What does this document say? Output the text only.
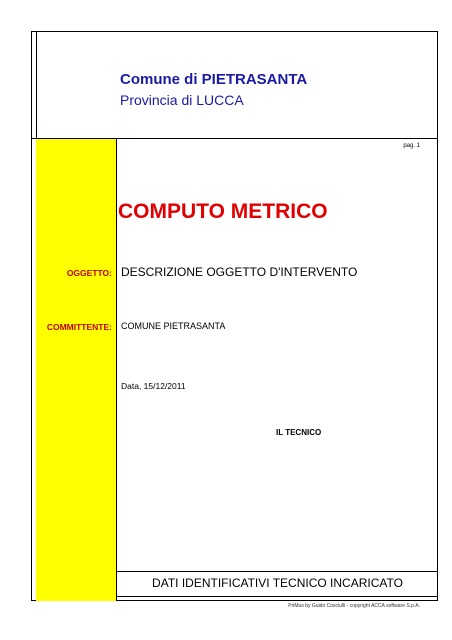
Comune di PIETRASANTA
Provincia di LUCCA
pag. 1
COMPUTO METRICO
OGGETTO: DESCRIZIONE OGGETTO D'INTERVENTO
COMMITTENTE: COMUNE PIETRASANTA
Data, 15/12/2011
IL TECNICO
DATI IDENTIFICATIVI TECNICO INCARICATO
PriMus by Guido Cosciulli - copyright ACCA software S.p.A.
